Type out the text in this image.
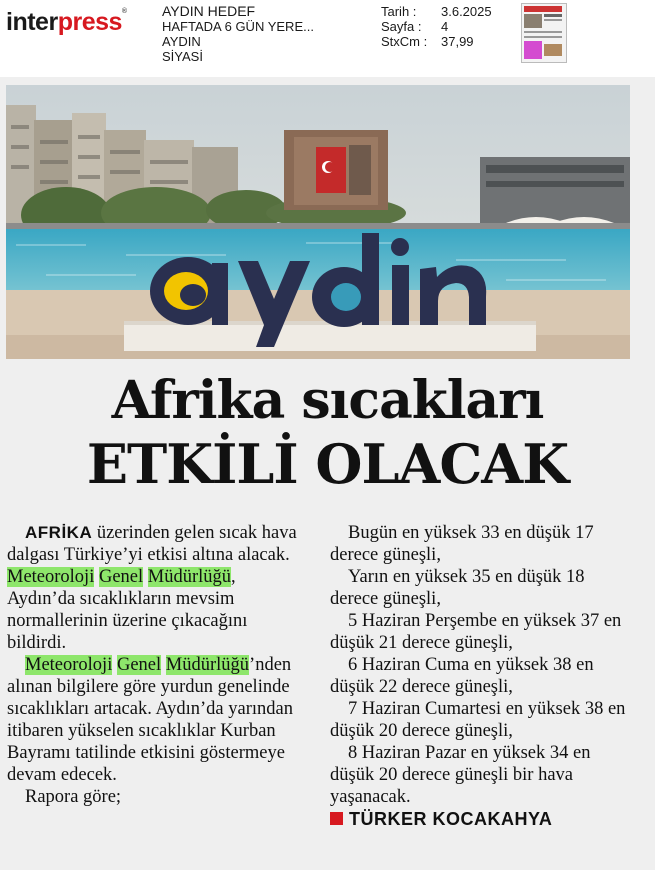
interpress®	AYDIN HEDEF
HAFTADA 6 GÜN YERE...
AYDIN
SİYASİ
Tarih :	3.6.2025
Sayfa :	4
StxCm :	37,99
Afrika sıcakları
ETKİLİ OLACAK

AFRİKA üzerinden gelen sıcak hava dalgası Türkiye’yi etkisi altına alacak. Meteoroloji Genel Müdürlüğü, Aydın’da sıcaklıkların mevsim normallerinin üzerine çıkacağını bildirdi.

Meteoroloji Genel Müdürlüğü’nden alınan bilgilere göre yurdun genelinde sıcaklıkları artacak. Aydın’da yarından itibaren yükselen sıcaklıklar Kurban Bayramı tatilinde etkisini göstermeye devam edecek.

Rapora göre;

Bugün en yüksek 33 en düşük 17 derece güneşli,

Yarın en yüksek 35 en düşük 18 derece güneşli,

5 Haziran Perşembe en yüksek 37 en düşük 21 derece güneşli,

6 Haziran Cuma en yüksek 38 en düşük 22 derece güneşli,

7 Haziran Cumartesi en yüksek 38 en düşük 20 derece güneşli,

8 Haziran Pazar en yüksek 34 en düşük 20 derece güneşli bir hava yaşanacak.

TÜRKER KOCAKAHYA
